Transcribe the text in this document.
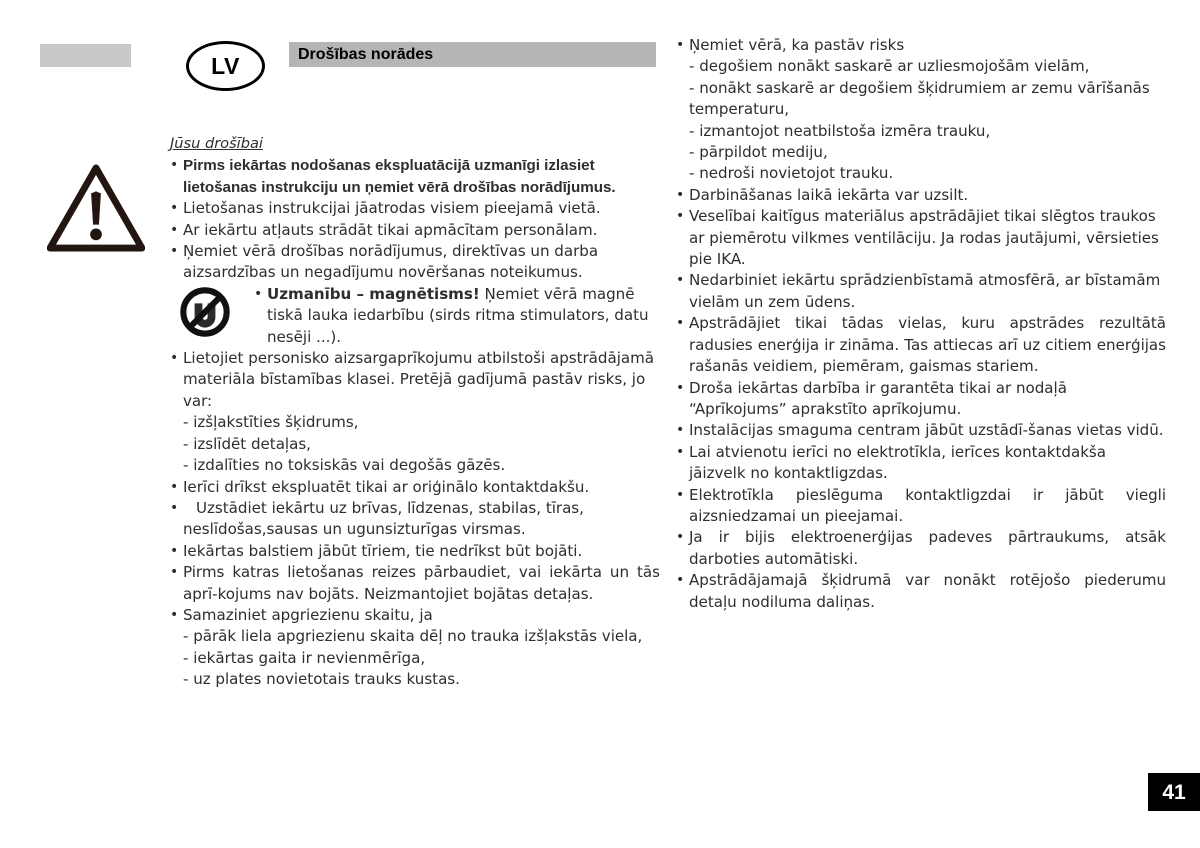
LV	Drošības norādes
Jūsu drošībai
• Pirms iekārtas nodošanas ekspluatācijā uzmanīgi izlasiet lietošanas instrukciju un ņemiet vērā drošības norādījumus.
• Lietošanas instrukcijai jāatrodas visiem pieejamā vietā.
• Ar iekārtu atļauts strādāt tikai apmācītam personālam.
• Ņemiet vērā drošības norādījumus, direktīvas un darba aizsardzības un negadījumu novēršanas noteikumus.
• Uzmanību – magnētisms! Ņemiet vērā magnē tiskā lauka iedarbību (sirds ritma stimulators, datu nesēji ...).
• Lietojiet personisko aizsargaprīkojumu atbilstoši apstrādājamā materiāla bīstamības klasei. Pretējā gadījumā pastāv risks, jo var:
- izšļakstīties šķidrums,
- izslīdēt detaļas,
- izdalīties no toksiskās vai degošās gāzēs.
• Ierīci drīkst ekspluatēt tikai ar oriģinālo kontaktdakšu.
•	Uzstādiet iekārtu uz brīvas, līdzenas, stabilas, tīras, neslīdošas,sausas un ugunsizturīgas virsmas.
• Iekārtas balstiem jābūt tīriem, tie nedrīkst būt bojāti.
• Pirms katras lietošanas reizes pārbaudiet, vai iekārta un tās aprī-kojums nav bojāts. Neizmantojiet bojātas detaļas.
• Samaziniet apgriezienu skaitu, ja
- pārāk liela apgriezienu skaita dēļ no trauka izšļakstās viela,
- iekārtas gaita ir nevienmērīga,
- uz plates novietotais trauks kustas.
• Ņemiet vērā, ka pastāv risks
- degošiem nonākt saskarē ar uzliesmojošām vielām,
- nonākt saskarē ar degošiem šķidrumiem ar zemu vārīšanās temperaturu,
- izmantojot neatbilstoša izmēra trauku,
- pārpildot mediju,
- nedroši novietojot trauku.
• Darbināšanas laikā iekārta var uzsilt.
• Veselībai kaitīgus materiālus apstrādājiet tikai slēgtos traukos ar piemērotu vilkmes ventilāciju. Ja rodas jautājumi, vērsieties pie IKA.
• Nedarbiniet iekārtu sprādzienbīstamā atmosfērā, ar bīstamām vielām un zem ūdens.
• Apstrādājiet tikai tādas vielas, kuru apstrādes rezultātā radusies enerģija ir zināma. Tas attiecas arī uz citiem enerģijas rašanās veidiem, piemēram, gaismas stariem.
• Droša iekārtas darbība ir garantēta tikai ar nodaļā “Aprīkojums” aprakstīto aprīkojumu.
• Instalācijas smaguma centram jābūt uzstādī-šanas vietas vidū.
• Lai atvienotu ierīci no elektrotīkla, ierīces kontaktdakša jāizvelk no kontaktligzdas.
• Elektrotīkla pieslēguma kontaktligzdai ir jābūt viegli aizsniedzamai un pieejamai.
• Ja ir bijis elektroenerģijas padeves pārtraukums, atsāk darboties automātiski.
• Apstrādājamajā šķidrumā var nonākt rotējošo piederumu detaļu nodiluma daliņas.
41
